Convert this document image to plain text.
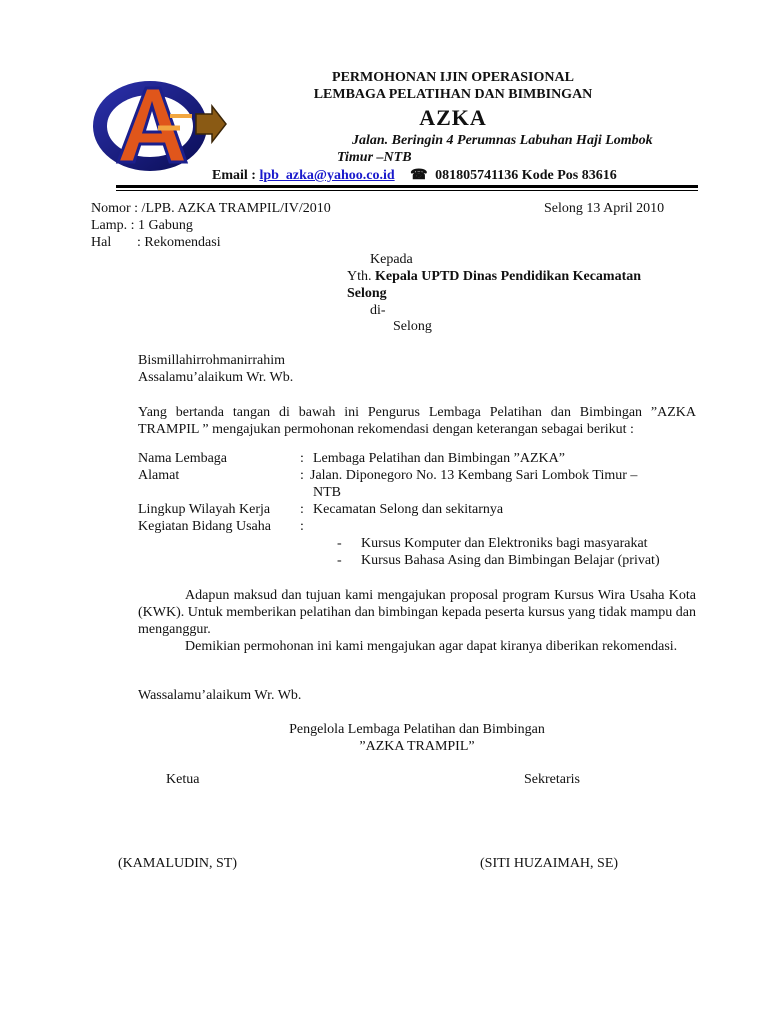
PERMOHONAN IJIN OPERASIONAL
LEMBAGA PELATIHAN DAN BIMBINGAN
AZKA
Jalan. Beringin 4 Perumnas Labuhan Haji Lombok
Timur –NTB
Email : lpb_azka@yahoo.co.id ☎ 081805741136 Kode Pos 83616
Nomor : /LPB. AZKA TRAMPIL/IV/2010	Selong 13 April 2010
Lamp. : 1 Gabung
Hal : Rekomendasi
Kepada
Yth. Kepala UPTD Dinas Pendidikan Kecamatan
Selong
di-
Selong
Bismillahirrohmanirrahim
Assalamu’alaikum Wr. Wb.
Yang bertanda tangan di bawah ini Pengurus Lembaga Pelatihan dan Bimbingan ”AZKA TRAMPIL ” mengajukan permohonan rekomendasi dengan keterangan sebagai berikut :
Nama Lembaga	: Lembaga Pelatihan dan Bimbingan ”AZKA”
Alamat	: Jalan. Diponegoro No. 13 Kembang Sari Lombok Timur –
NTB
Lingkup Wilayah Kerja : Kecamatan Selong dan sekitarnya
Kegiatan Bidang Usaha :
- Kursus Komputer dan Elektroniks bagi masyarakat
- Kursus Bahasa Asing dan Bimbingan Belajar (privat)
Adapun maksud dan tujuan kami mengajukan proposal program Kursus Wira Usaha Kota (KWK). Untuk memberikan pelatihan dan bimbingan kepada peserta kursus yang tidak mampu dan menganggur.
Demikian permohonan ini kami mengajukan agar dapat kiranya diberikan rekomendasi.
Wassalamu’alaikum Wr. Wb.
Pengelola Lembaga Pelatihan dan Bimbingan
”AZKA TRAMPIL”
Ketua	Sekretaris
(KAMALUDIN, ST)	(SITI HUZAIMAH, SE)
